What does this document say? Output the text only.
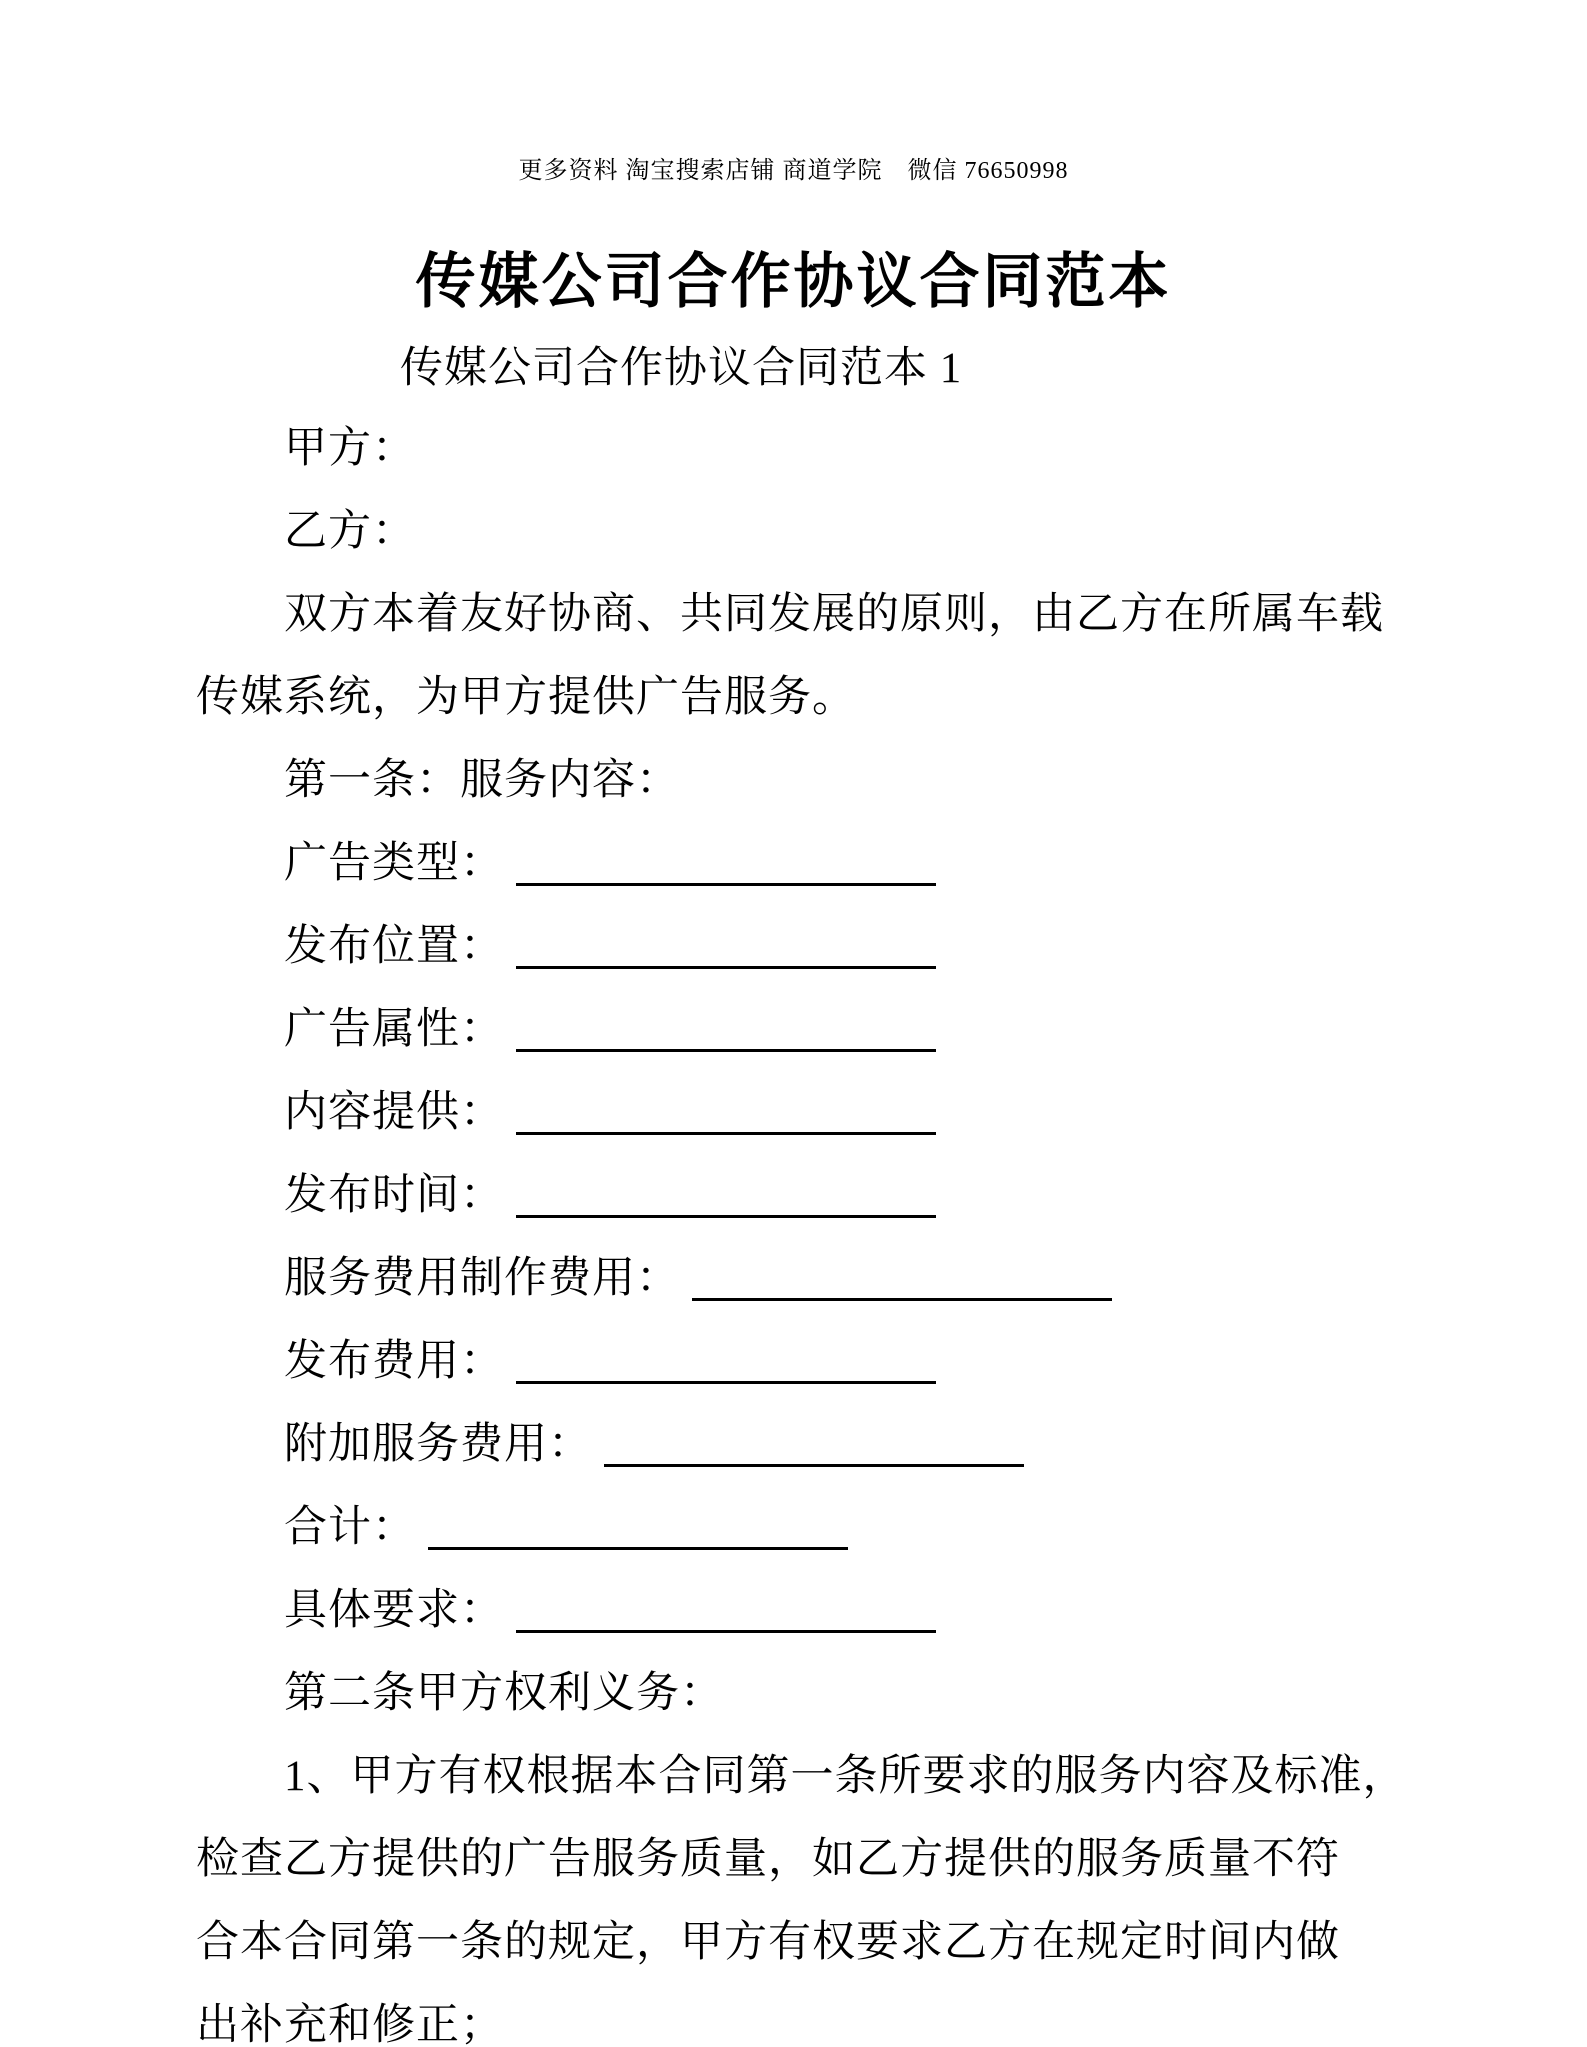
更多资料 淘宝搜索店铺 商道学院　微信 76650998
传媒公司合作协议合同范本
传媒公司合作协议合同范本 1
甲方：
乙方：
双方本着友好协商、共同发展的原则，由乙方在所属车载
传媒系统，为甲方提供广告服务。
第一条：服务内容：
广告类型：
发布位置：
广告属性：
内容提供：
发布时间：
服务费用制作费用：
发布费用：
附加服务费用：
合计：
具体要求：
第二条甲方权利义务：
1、甲方有权根据本合同第一条所要求的服务内容及标准，
检查乙方提供的广告服务质量，如乙方提供的服务质量不符
合本合同第一条的规定，甲方有权要求乙方在规定时间内做
出补充和修正；
